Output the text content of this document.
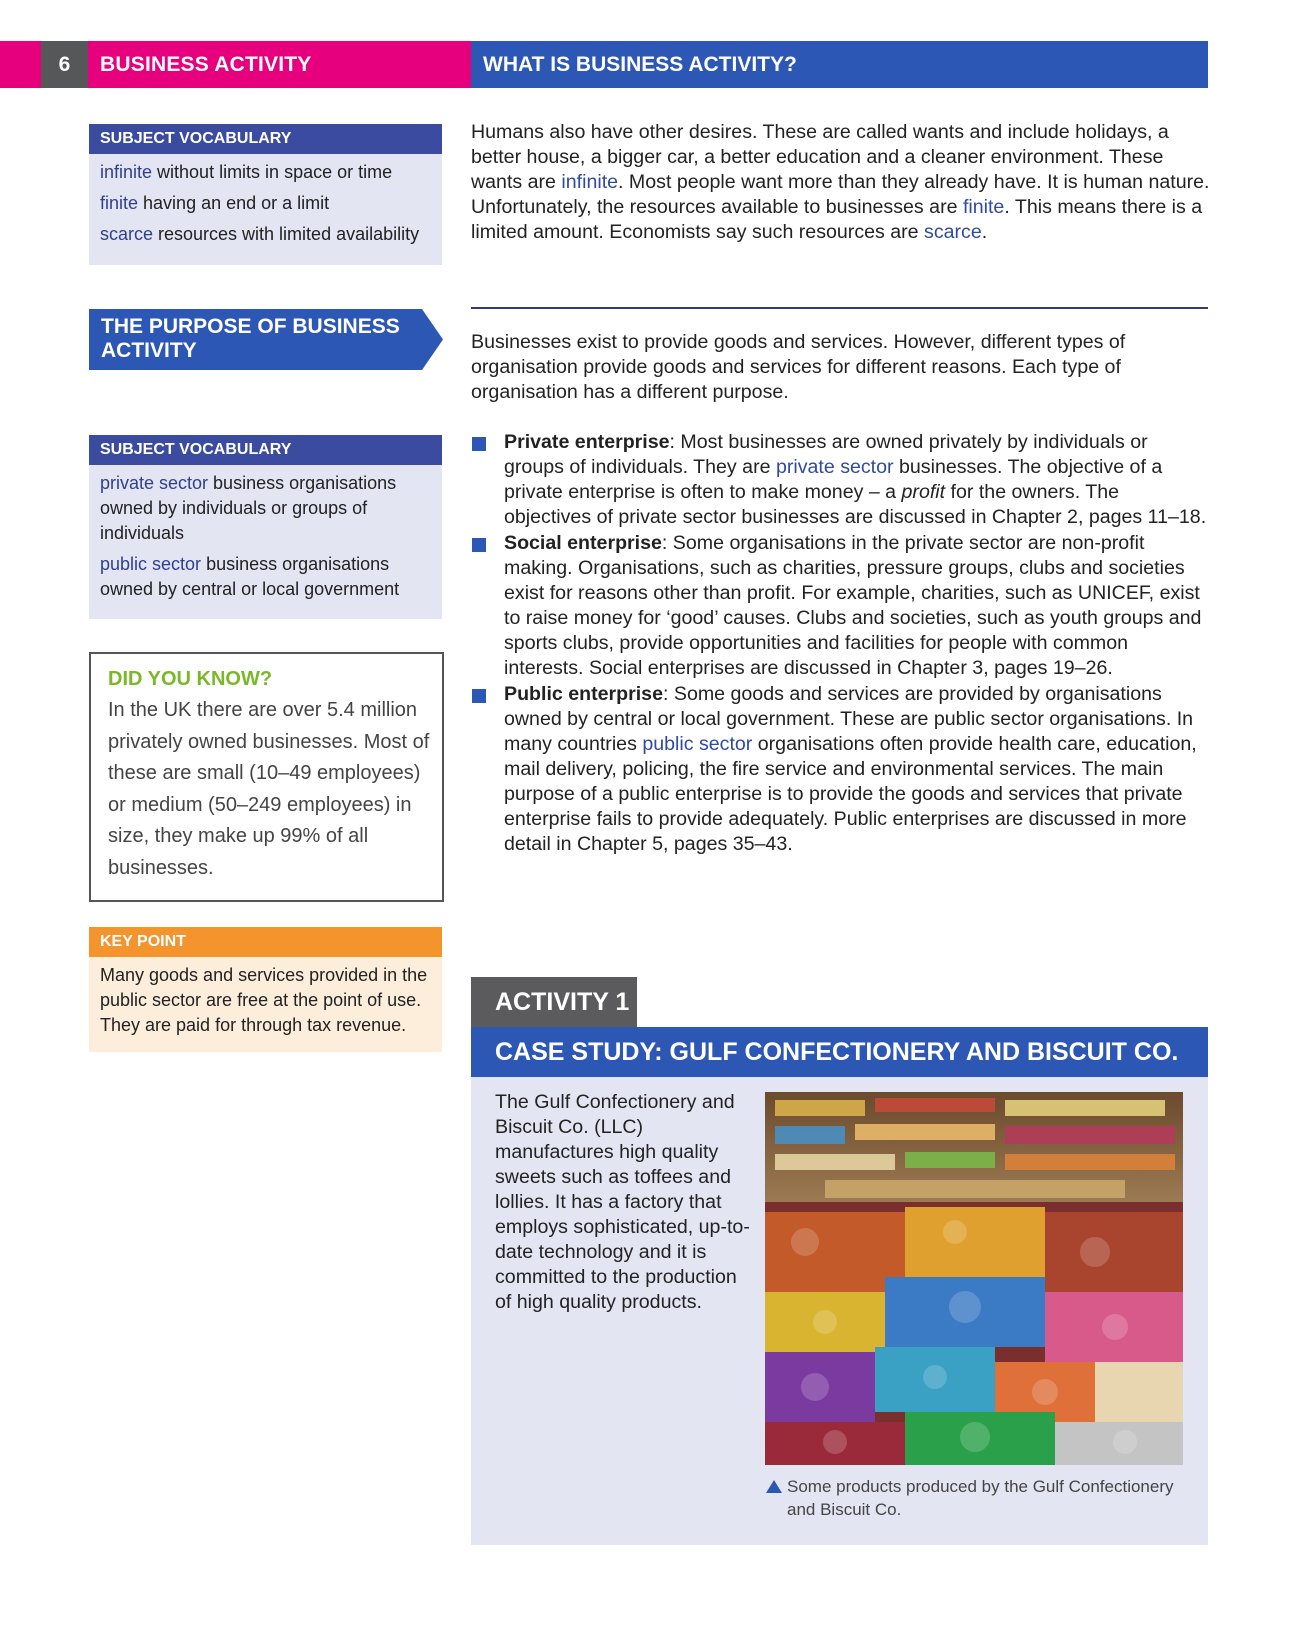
6	BUSINESS ACTIVITY	WHAT IS BUSINESS ACTIVITY?
SUBJECT VOCABULARY
infinite without limits in space or time
finite having an end or a limit
scarce resources with limited availability
Humans also have other desires. These are called wants and include holidays, a better house, a bigger car, a better education and a cleaner environment. These wants are infinite. Most people want more than they already have. It is human nature. Unfortunately, the resources available to businesses are finite. This means there is a limited amount. Economists say such resources are scarce.
THE PURPOSE OF BUSINESS
ACTIVITY	Businesses exist to provide goods and services. However, different types of organisation provide goods and services for different reasons. Each type of organisation has a different purpose.
SUBJECT VOCABULARY
private sector business organisations owned by individuals or groups of individuals
public sector business organisations owned by central or local government
Private enterprise: Most businesses are owned privately by individuals or groups of individuals. They are private sector businesses. The objective of a private enterprise is often to make money – a profit for the owners. The objectives of private sector businesses are discussed in Chapter 2, pages 11–18.
Social enterprise: Some organisations in the private sector are non-profit making. Organisations, such as charities, pressure groups, clubs and societies exist for reasons other than profit. For example, charities, such as UNICEF, exist to raise money for ‘good’ causes. Clubs and societies, such as youth groups and sports clubs, provide opportunities and facilities for people with common interests. Social enterprises are discussed in Chapter 3, pages 19–26.
Public enterprise: Some goods and services are provided by organisations owned by central or local government. These are public sector organisations. In many countries public sector organisations often provide health care, education, mail delivery, policing, the fire service and environmental services. The main purpose of a public enterprise is to provide the goods and services that private enterprise fails to provide adequately. Public enterprises are discussed in more detail in Chapter 5, pages 35–43.
DID YOU KNOW?
In the UK there are over 5.4 million privately owned businesses. Most of these are small (10–49 employees) or medium (50–249 employees) in size, they make up 99% of all businesses.
KEY POINT
Many goods and services provided in the public sector are free at the point of use. They are paid for through tax revenue.
ACTIVITY 1
CASE STUDY: GULF CONFECTIONERY AND BISCUIT CO.
The Gulf Confectionery and Biscuit Co. (LLC) manufactures high quality sweets such as toffees and lollies. It has a factory that employs sophisticated, up-to-date technology and it is committed to the production of high quality products.
Some products produced by the Gulf Confectionery and Biscuit Co.
